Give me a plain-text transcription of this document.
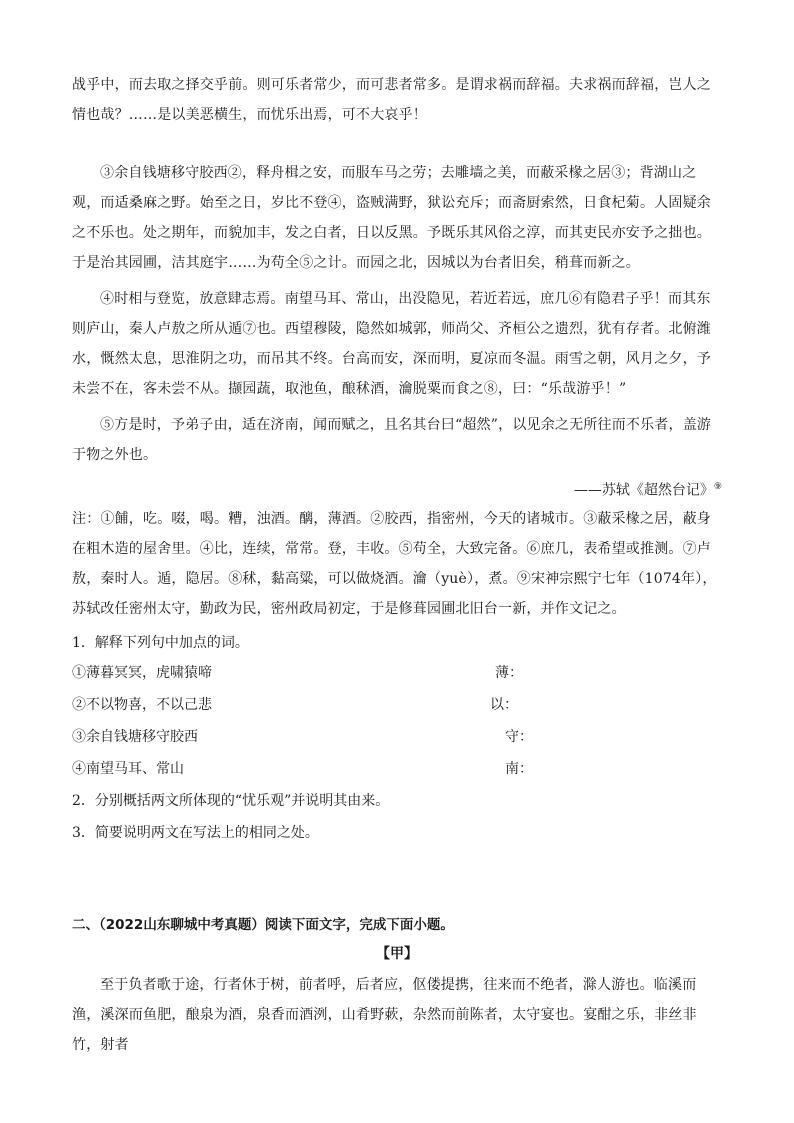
战乎中，而去取之择交乎前。则可乐者常少，而可悲者常多。是谓求祸而辞福。夫求祸而辞福，岂人之情也哉？……是以美恶横生，而忧乐出焉，可不大哀乎！

③余自钱塘移守胶西②，释舟楫之安，而服车马之劳；去雕墙之美，而蔽采椽之居③；背湖山之观，而适桑麻之野。始至之日，岁比不登④，盗贼满野，狱讼充斥；而斋厨索然，日食杞菊。人固疑余之不乐也。处之期年，而貌加丰，发之白者，日以反黑。予既乐其风俗之淳，而其吏民亦安予之拙也。于是治其园圃，洁其庭宇……为苟全⑤之计。而园之北，因城以为台者旧矣，稍葺而新之。

④时相与登览，放意肆志焉。南望马耳、常山，出没隐见，若近若远，庶几⑥有隐君子乎！而其东则庐山，秦人卢敖之所从遁⑦也。西望穆陵，隐然如城郭，师尚父、齐桓公之遗烈，犹有存者。北俯潍水，慨然太息，思淮阴之功，而吊其不终。台高而安，深而明，夏凉而冬温。雨雪之朝，风月之夕，予未尝不在，客未尝不从。撷园蔬，取池鱼，酿秫酒，瀹脱粟而食之⑧，曰：“乐哉游乎！”

⑤方是时，予弟子由，适在济南，闻而赋之，且名其台曰“超然”，以见余之无所往而不乐者，盖游于物之外也。

——苏轼《超然台记》⑨

注：①餔，吃。啜，喝。糟，浊酒。醨，薄酒。②胶西，指密州，今天的诸城市。③蔽采椽之居，蔽身在粗木造的屋舍里。④比，连续，常常。登，丰收。⑤苟全，大致完备。⑥庶几，表希望或推测。⑦卢敖，秦时人。遁，隐居。⑧秫，黏高粱，可以做烧酒。瀹（yuè），煮。⑨宋神宗熙宁七年（1074年），苏轼改任密州太守，勤政为民，密州政局初定，于是修葺园圃北旧台一新，并作文记之。

1．解释下列句中加点的词。
①薄暮冥冥，虎啸猿啼	薄：
②不以物喜，不以己悲	以：
③余自钱塘移守胶西	守：
④南望马耳、常山	南：
2．分别概括两文所体现的“忧乐观”并说明其由来。
3．简要说明两文在写法上的相同之处。
二、（2022山东聊城中考真题）阅读下面文字，完成下面小题。
【甲】

至于负者歌于途，行者休于树，前者呼，后者应，伛偻提携，往来而不绝者，滁人游也。临溪而渔，溪深而鱼肥，酿泉为酒，泉香而酒洌，山肴野蔌，杂然而前陈者，太守宴也。宴酣之乐，非丝非竹，射者
